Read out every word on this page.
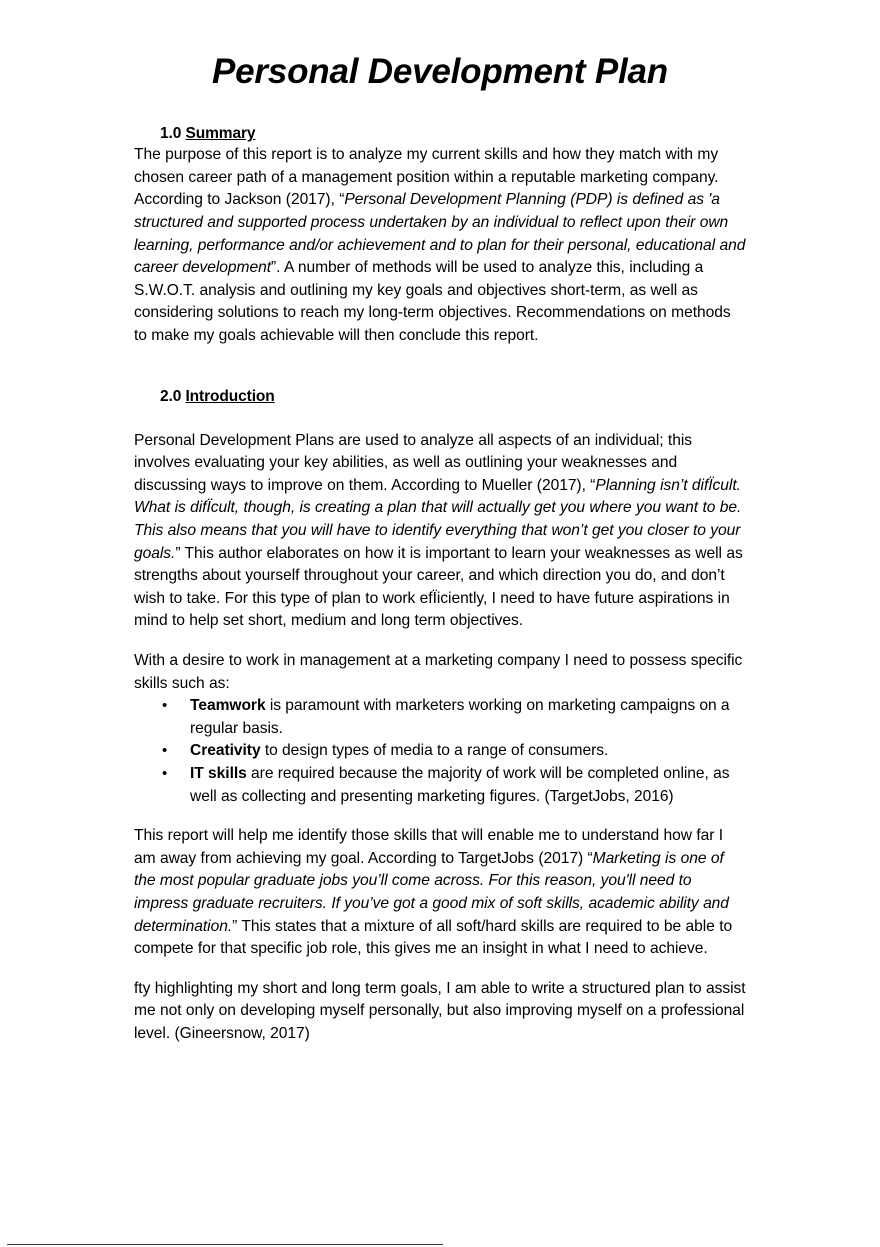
Personal Development Plan
1.0 Summary

The purpose of this report is to analyze my current skills and how they match with my chosen career path of a management position within a reputable marketing company. According to Jackson (2017), “Personal Development Planning (PDP) is defined as 'a structured and supported process undertaken by an individual to reflect upon their own learning, performance and/or achievement and to plan for their personal, educational and career development”. A number of methods will be used to analyze this, including a S.W.O.T. analysis and outlining my key goals and objectives short-term, as well as considering solutions to reach my long-term objectives. Recommendations on methods to make my goals achievable will then conclude this report.

2.0 Introduction

Personal Development Plans are used to analyze all aspects of an individual; this involves evaluating your key abilities, as well as outlining your weaknesses and discussing ways to improve on them. According to Mueller (2017), “Planning isn’t difÏcult. What is difÏcult, though, is creating a plan that will actually get you where you want to be. This also means that you will have to identify everything that won’t get you closer to your goals.” This author elaborates on how it is important to learn your weaknesses as well as strengths about yourself throughout your career, and which direction you do, and don’t wish to take. For this type of plan to work efÏiciently, I need to have future aspirations in mind to help set short, medium and long term objectives.

With a desire to work in management at a marketing company I need to possess specific skills such as:

• Teamwork is paramount with marketers working on marketing campaigns on a regular basis.
• Creativity to design types of media to a range of consumers.
• IT skills are required because the majority of work will be completed online, as well as collecting and presenting marketing figures. (TargetJobs, 2016)

This report will help me identify those skills that will enable me to understand how far I am away from achieving my goal. According to TargetJobs (2017) “Marketing is one of the most popular graduate jobs you’ll come across. For this reason, you'll need to impress graduate recruiters. If you’ve got a good mix of soft skills, academic ability and determination.” This states that a mixture of all soft/hard skills are required to be able to compete for that specific job role, this gives me an insight in what I need to achieve.

fty highlighting my short and long term goals, I am able to write a structured plan to assist me not only on developing myself personally, but also improving myself on a professional level. (Gineersnow, 2017)
